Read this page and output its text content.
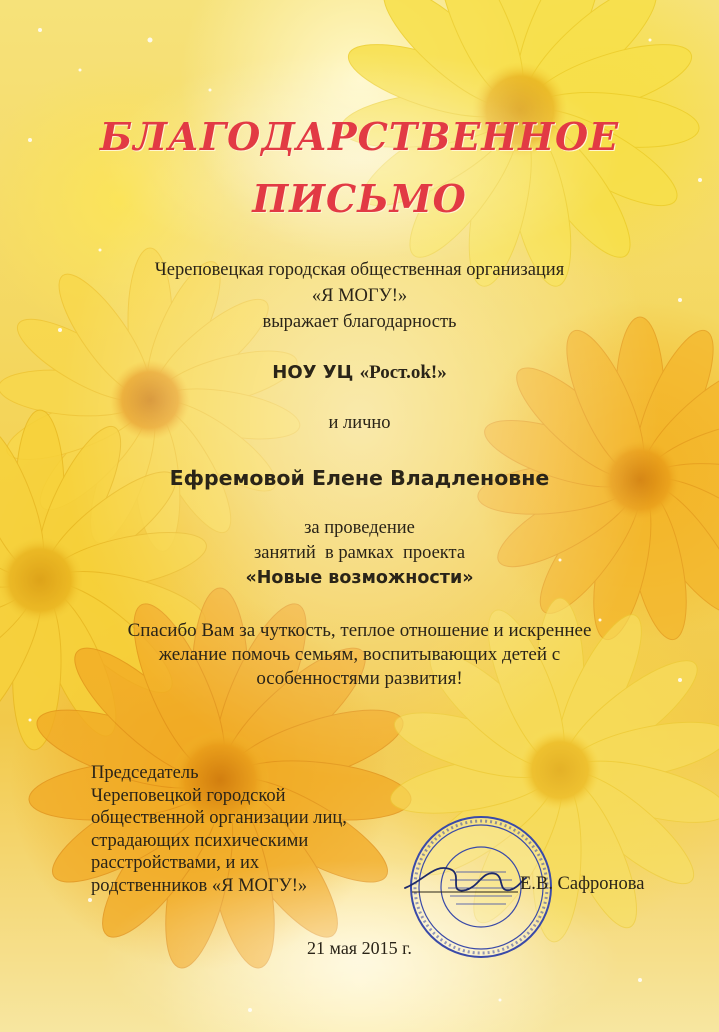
БЛАГОДАРСТВЕННОЕ
ПИСЬМО
Череповецкая городская общественная организация
«Я МОГУ!»
выражает благодарность
НОУ УЦ «Рост.ok!»
и лично
Ефремовой Елене Владленовне
за проведение
занятий  в рамках  проекта
«Новые возможности»
Спасибо Вам за чуткость, теплое отношение и искреннее
желание помочь семьям, воспитывающих детей с
особенностями развития!
Председатель
Череповецкой городской
общественной организации лиц,
страдающих психическими
расстройствами, и их
родственников «Я МОГУ!»	Е.В. Сафронова
21 мая 2015 г.
